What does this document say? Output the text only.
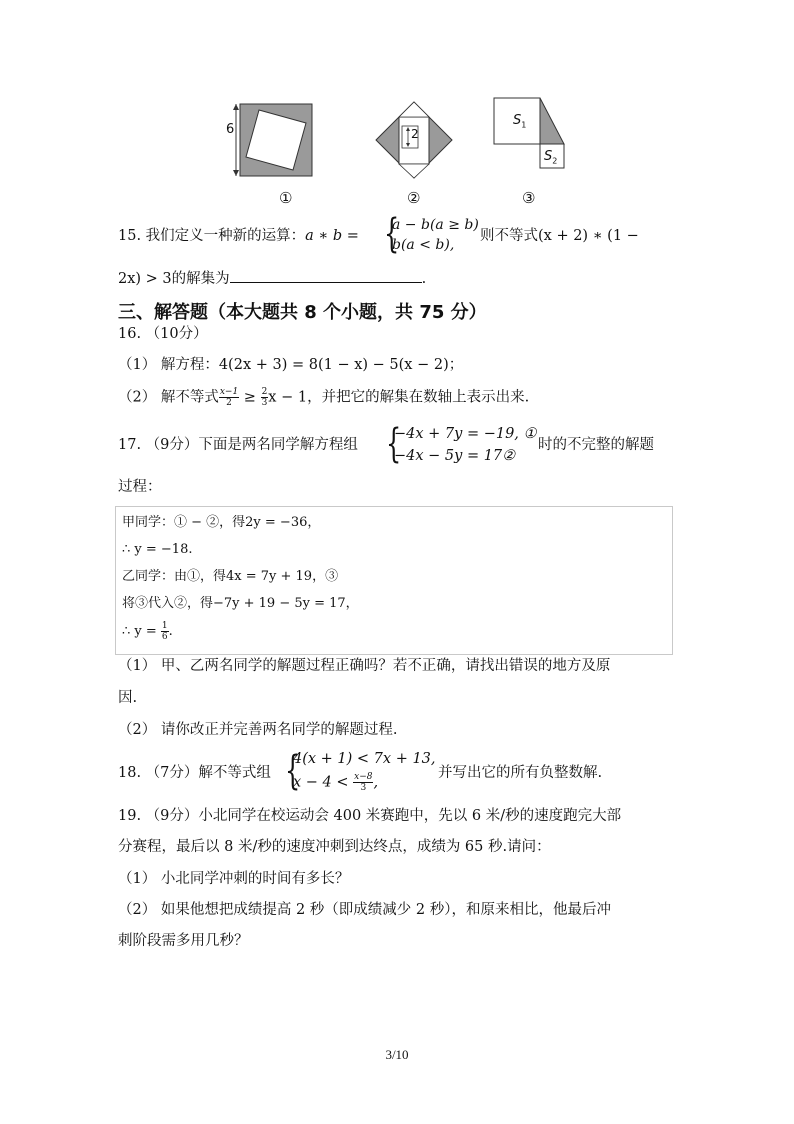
6	2
$S_1$
$S_2$
①	②	③
15. 我们定义一种新的运算：a ∗ b = {
a − b(a ≥ b)
b(a < b),
则不等式(x + 2) ∗ (1 −
2x) > 3的解集为	.
三、解答题（本大题共 8 个小题，共 75 分）
16. （10分）
（1） 解方程：4(2x + 3) = 8(1 − x) − 5(x − 2)；
（2） 解不等式 $\frac{x-1}{2} \ge \frac{2}{3}$ x − 1，并把它的解集在数轴上表示出来.
17. （9分）下面是两名同学解方程组 {
−4x + 7y = −19, ①
−4x − 5y = 17②
时的不完整的解题
过程：
甲同学：① − ②，得2y = −36，
∴ y = −18.
乙同学：由①，得4x = 7y + 19，③
将③代入②，得−7y + 19 − 5y = 17，
∴ $y = \frac{1}{6}$ .
（1） 甲、乙两名同学的解题过程正确吗？若不正确，请找出错误的地方及原
因.
（2） 请你改正并完善两名同学的解题过程.
18. （7分）解不等式组 {
4(x + 1) < 7x + 13,
$x - 4 < \frac{x-8}{3}$ ,
并写出它的所有负整数解.
19. （9分）小北同学在校运动会 400 米赛跑中，先以 6 米/秒的速度跑完大部
分赛程，最后以 8 米/秒的速度冲刺到达终点，成绩为 65 秒.请问：
（1） 小北同学冲刺的时间有多长？
（2） 如果他想把成绩提高 2 秒（即成绩减少 2 秒），和原来相比，他最后冲
刺阶段需多用几秒？
3/10
